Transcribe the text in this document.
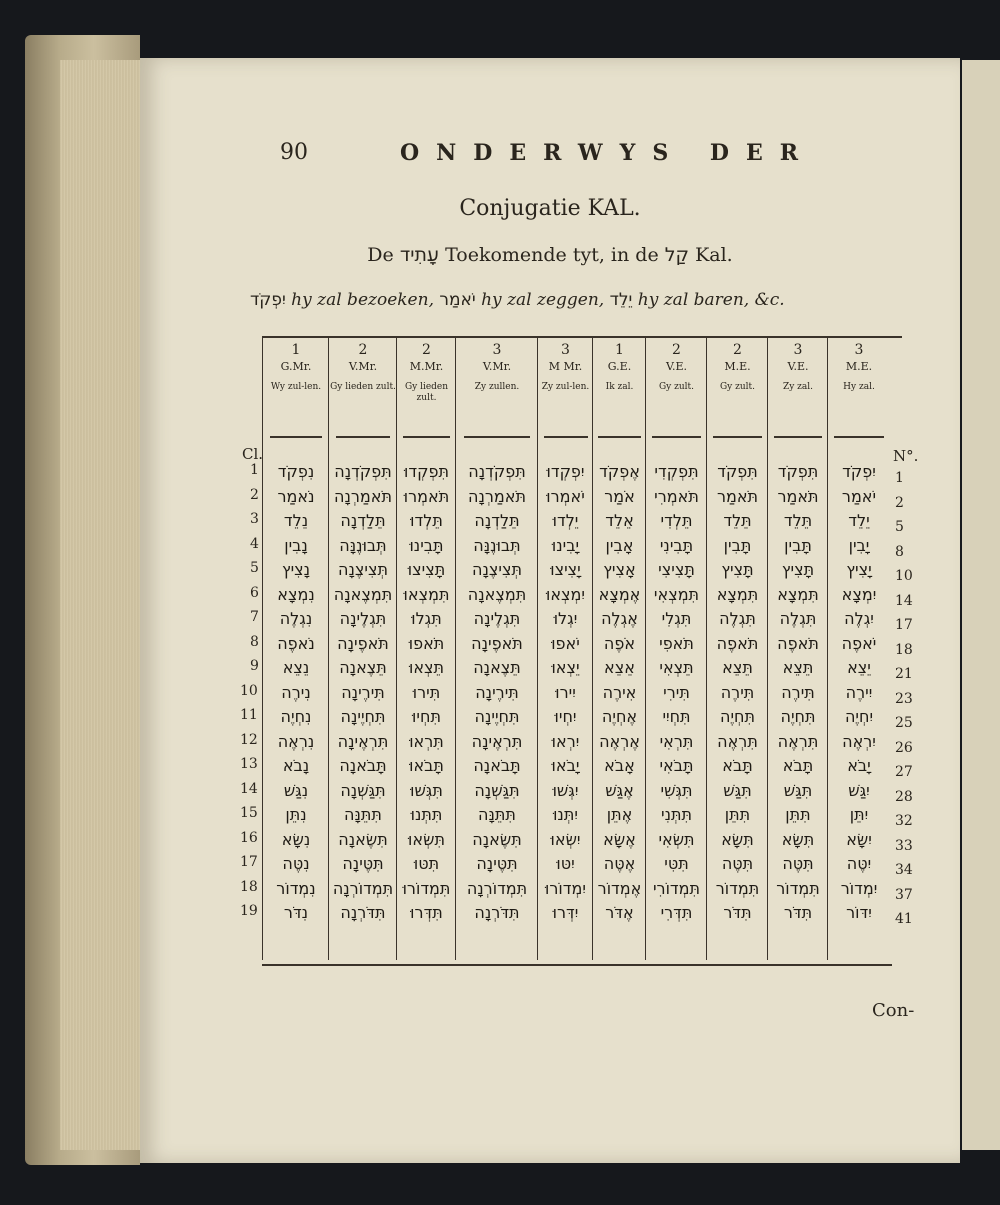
90	ONDERWYS DER
Conjugatie KAL.
De עָתִיד Toekomende tyt, in de קַל Kal.
יִפְקֹד hy zal bezoeken, יֹאמַר hy zal zeggen, יֵלֵד hy zal baren, &c.
Cl.	N°.
1
G.Mr.
Wy zul-len.
נִפְקֹד
נֹאמַר
נֵלֵד
נָבִין
נָצִיץ
נִמְצָא
נִגְלֶה
נֹאפֶה
נֵצֵא
נִירֶה
נִחְיֶה
נִרְאֶה
נָבֹא
נִגַּשׁ
נִתֵּן
נִשָּׂא
נִטֶּה
נִמְדוֹר
נִדֹּר
2
V.Mr.
Gy lieden zult.
תִּפְקֹדְנָה
תֹּאמַרְנָה
תֵּלַדְנָה
תְּבוּנֶנָּה
תְּצִיצֶנָה
תִּמְצֶאנָה
תִּגְלֶינָה
תֹּאפֶינָה
תֵּצֶאנָה
תִּירֶינָה
תִּחְיֶינָה
תִּרְאֶינָה
תָּבֹאנָה
תִּגַּשְׁנָה
תִּתֵּנָּה
תִּשֶּׂאנָה
תִּטֶּינָה
תִּמְדוֹרְנָה
תִּדֹּרְנָה
2
M.Mr.
Gy lieden zult.
תִּפְקְדוּ
תֹּאמְרוּ
תֵּלְדוּ
תָּבִינוּ
תָּצִיצוּ
תִּמְצְאוּ
תִּגְלוּ
תֹּאפוּ
תֵּצְאוּ
תִּירוּ
תִּחְיוּ
תִּרְאוּ
תָּבֹאוּ
תִּגְּשׁוּ
תִּתְּנוּ
תִּשְּׂאוּ
תִּטּוּ
תִּמְדוֹרוּ
תִּדְּרוּ
3
V.Mr.
Zy zullen.
תִּפְקֹדְנָה
תֹּאמַרְנָה
תֵּלַדְנָה
תְּבוּנֶנָּה
תְּצִיצֶנָה
תִּמְצֶאנָה
תִּגְלֶינָה
תֹּאפֶינָה
תֵּצֶאנָה
תִּירֶינָה
תִּחְיֶינָה
תִּרְאֶינָה
תָּבֹאנָה
תִּגַּשְׁנָה
תִּתֵּנָּה
תִּשֶּׂאנָה
תִּטֶּינָה
תִּמְדוֹרְנָה
תִּדֹּרְנָה
3
M Mr.
Zy zul-len.
יִפְקְדוּ
יֹאמְרוּ
יֵלְדוּ
יָבִינוּ
יָצִיצוּ
יִמְצְאוּ
יִגְלוּ
יֹאפוּ
יֵצְאוּ
יִירוּ
יִחְיוּ
יִרְאוּ
יָבֹאוּ
יִגְּשׁוּ
יִתְּנוּ
יִשְּׂאוּ
יִטּוּ
יִמְדוֹרוּ
יִדְּרוּ
1
G.E.
Ik zal.
אֶפְקֹד
אֹמַר
אֵלֵד
אָבִין
אָצִיץ
אֶמְצָא
אֶגְלֶה
אֹפֶה
אֵצֵא
אִירֶה
אֶחְיֶה
אֶרְאֶה
אָבֹא
אֶגַּשׁ
אֶתֵּן
אֶשָּׂא
אֶטֶּה
אֶמְדוֹר
אֶדֹּר
2
V.E.
Gy zult.
תִּפְקְדִי
תֹּאמְרִי
תֵּלְדִי
תָּבִינִי
תָּצִיצִי
תִּמְצְאִי
תִּגְלִי
תֹּאפִי
תֵּצְאִי
תִּירִי
תִּחְיִי
תִּרְאִי
תָּבֹאִי
תִּגְּשִׁי
תִּתְּנִי
תִּשְּׂאִי
תִּטִּי
תִּמְדוֹרִי
תִּדְּרִי
2
M.E.
Gy zult.
תִּפְקֹד
תֹּאמַר
תֵּלֵד
תָּבִין
תָּצִיץ
תִּמְצָא
תִּגְלֶה
תֹּאפֶה
תֵּצֵא
תִּירֶה
תִּחְיֶה
תִּרְאֶה
תָּבֹא
תִּגַּשׁ
תִּתֵּן
תִּשָּׂא
תִּטֶּה
תִּמְדוֹר
תִּדֹּר
3
V.E.
Zy zal.
תִּפְקֹד
תֹּאמַר
תֵּלֵד
תָּבִין
תָּצִיץ
תִּמְצָא
תִּגְלֶה
תֹּאפֶה
תֵּצֵא
תִּירֶה
תִּחְיֶה
תִּרְאֶה
תָּבֹא
תִּגַּשׁ
תִּתֵּן
תִּשָּׂא
תִּטֶּה
תִּמְדוֹר
תִּדֹּר
3
M.E.
Hy zal.
יִפְקֹד
יֹאמַר
יֵלֵד
יָבִין
יָצִיץ
יִמְצָא
יִגְלֶה
יֹאפֶה
יֵצֵא
יִירֶה
יִחְיֶה
יִרְאֶה
יָבֹא
יִגַּשׁ
יִתֵּן
יִשָּׂא
יִטֶּה
יִמְדוֹר
יִדּוֹר
1
2
3
4
5
6
7
8
9
10
11
12
13
14
15
16
17
18
19
1
2
5
8
10
14
17
18
21
23
25
26
27
28
32
33
34
37
41
Con-
